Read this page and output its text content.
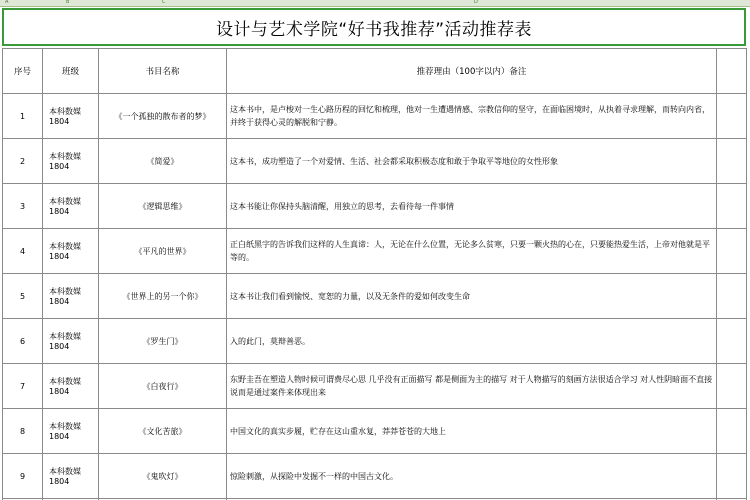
A	B	C	D
设计与艺术学院“好书我推荐”活动推荐表
序号	班级	书目名称	推荐理由（100字以内）备注	
1	本科数媒1804	《一个孤独的散布者的梦》	这本书中，是卢梭对一生心路历程的回忆和梳理，他对一生遭遇情感、宗教信仰的坚守，在面临困境时，从执着寻求理解，而转向内省，并终于获得心灵的解脱和宁静。	
2	本科数媒1804	《简爱》	这本书，成功塑造了一个对爱情、生活、社会都采取积极态度和敢于争取平等地位的女性形象	
3	本科数媒1804	《逻辑思维》	这本书能让你保持头脑清醒，用独立的思考，去看待每一件事情	
4	本科数媒1804	《平凡的世界》	正白纸黑字的告诉我们这样的人生真谛：人，无论在什么位置，无论多么贫寒，只要一颗火热的心在，只要能热爱生活，上帝对他就是平等的。	
5	本科数媒1804	《世界上的另一个你》	这本书让我们看到愉悦、宽恕的力量，以及无条件的爱如何改变生命	
6	本科数媒1804	《罗生门》	入的此门，莫辩善恶。	
7	本科数媒1804	《白夜行》	东野圭吾在塑造人物时候可谓费尽心思 几乎没有正面描写 都是侧面为主的描写 对于人物描写的刻画方法很适合学习 对人性阴暗面不直接说而是通过案件来体现出来	
8	本科数媒1804	《文化苦旅》	中国文化的真实步履，贮存在这山重水复，莽莽苍苍的大地上	
9	本科数媒1804	《鬼吹灯》	惊险刺激，从探险中发掘不一样的中国古文化。	
